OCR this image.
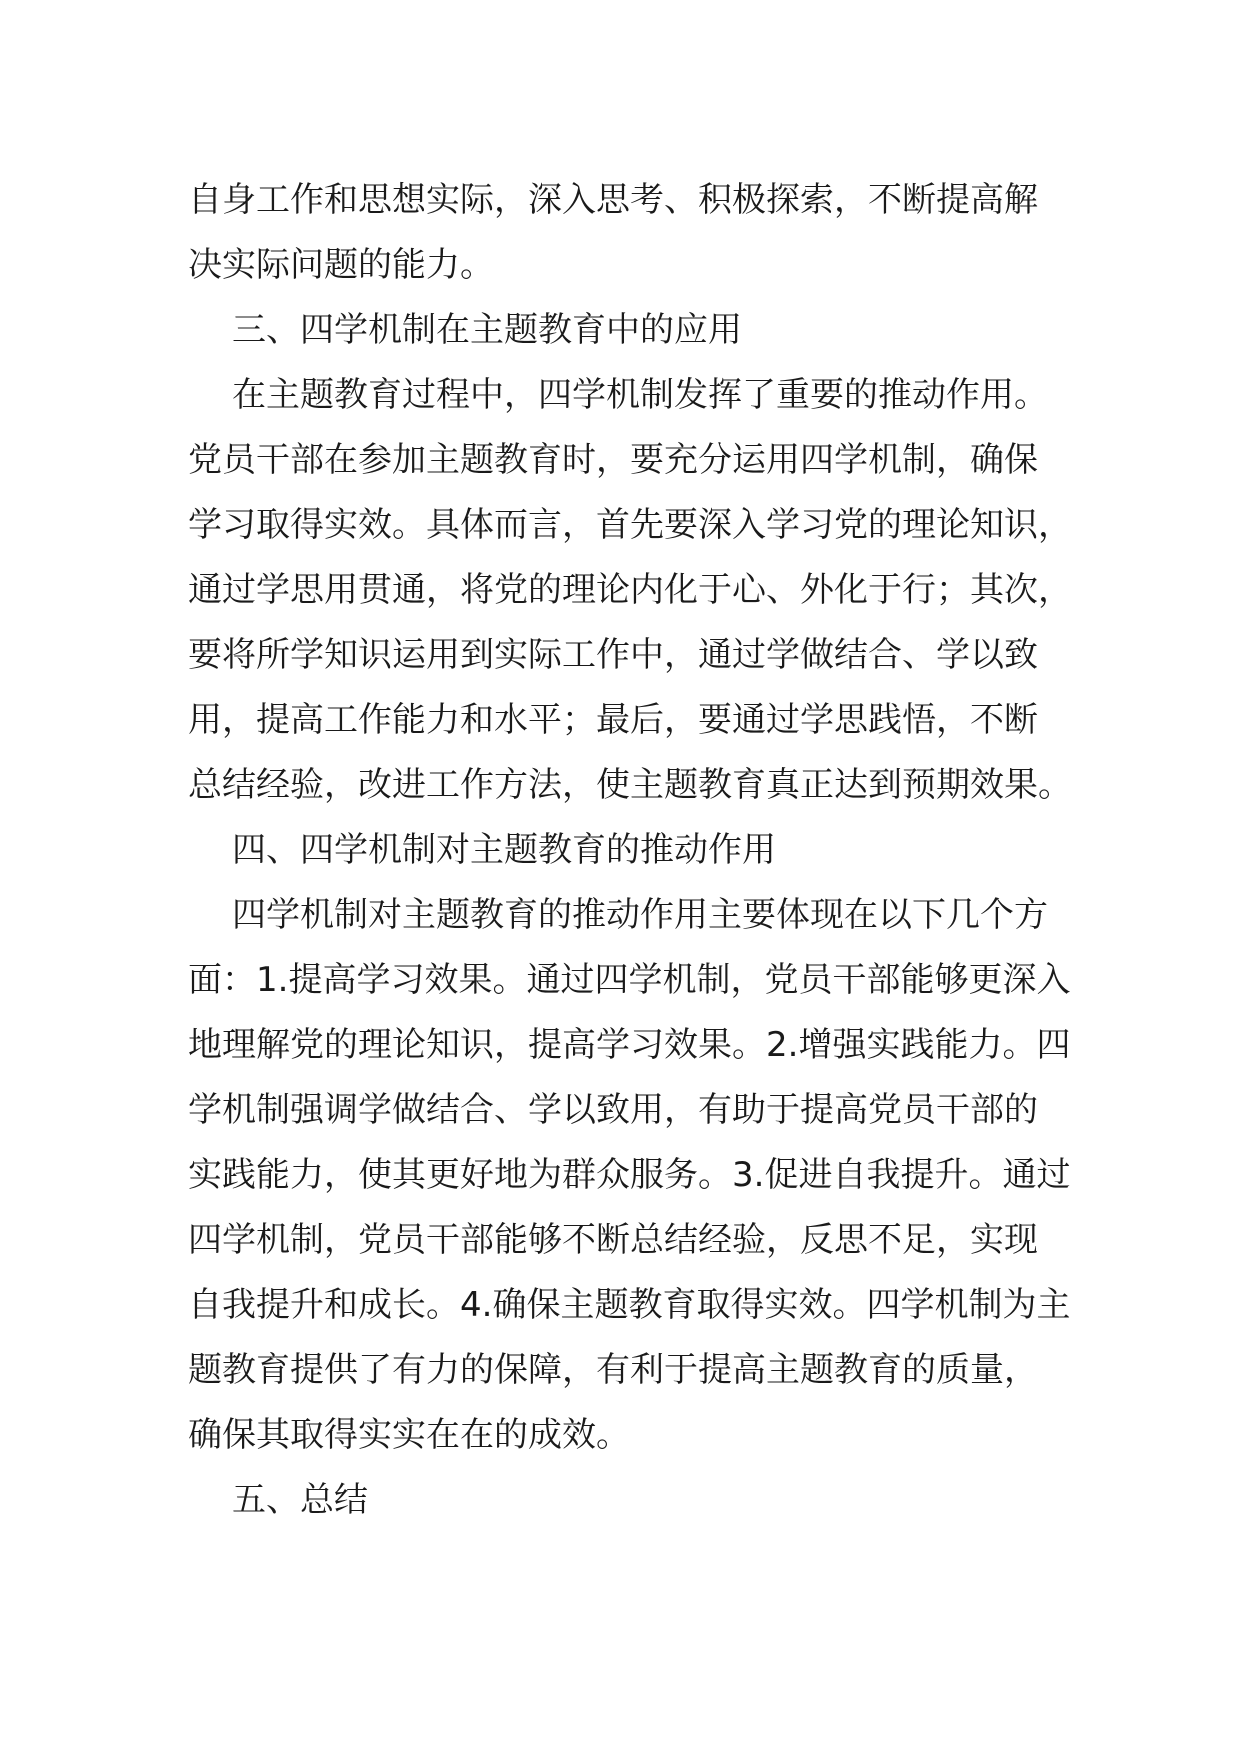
自身工作和思想实际，深入思考、积极探索，不断提高解
决实际问题的能力。
三、四学机制在主题教育中的应用
在主题教育过程中，四学机制发挥了重要的推动作用。
党员干部在参加主题教育时，要充分运用四学机制，确保
学习取得实效。具体而言，首先要深入学习党的理论知识，
通过学思用贯通，将党的理论内化于心、外化于行；其次，
要将所学知识运用到实际工作中，通过学做结合、学以致
用，提高工作能力和水平；最后，要通过学思践悟，不断
总结经验，改进工作方法，使主题教育真正达到预期效果。
四、四学机制对主题教育的推动作用
四学机制对主题教育的推动作用主要体现在以下几个方
面：1.提高学习效果。通过四学机制，党员干部能够更深入
地理解党的理论知识，提高学习效果。2.增强实践能力。四
学机制强调学做结合、学以致用，有助于提高党员干部的
实践能力，使其更好地为群众服务。3.促进自我提升。通过
四学机制，党员干部能够不断总结经验，反思不足，实现
自我提升和成长。4.确保主题教育取得实效。四学机制为主
题教育提供了有力的保障，有利于提高主题教育的质量，
确保其取得实实在在的成效。
五、总结
